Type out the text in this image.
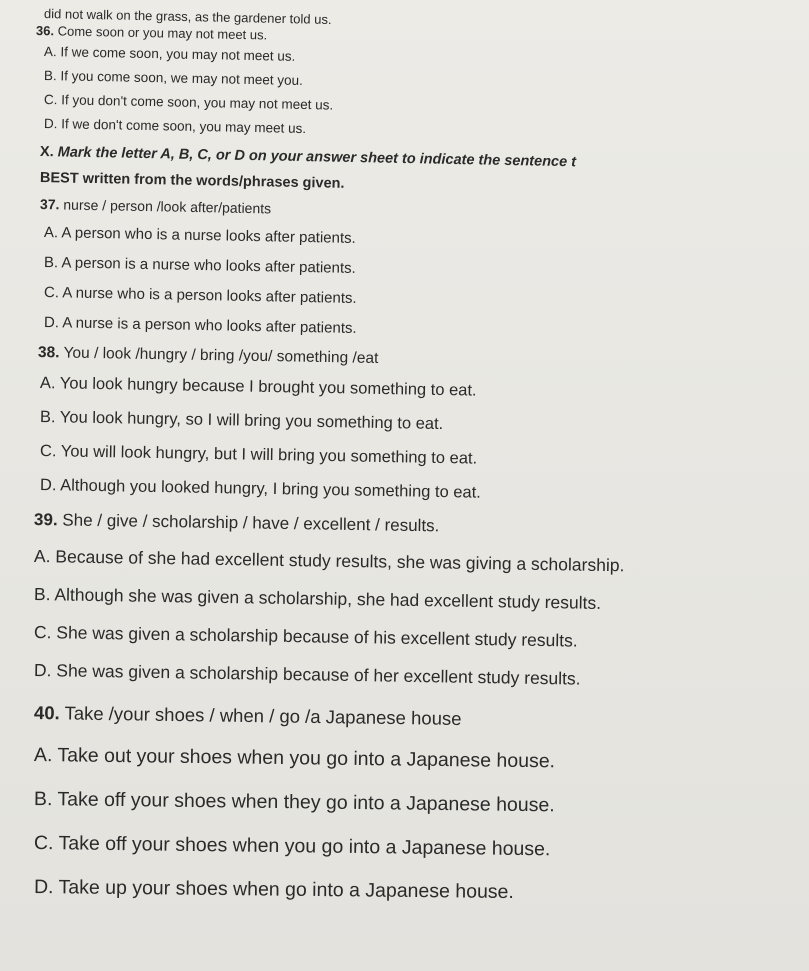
did not walk on the grass, as the gardener told us.

36. Come soon or you may not meet us.

A. If we come soon, you may not meet us.

B. If you come soon, we may not meet you.

C. If you don't come soon, you may not meet us.

D. If we don't come soon, you may meet us.

X. Mark the letter A, B, C, or D on your answer sheet to indicate the sentence t

BEST written from the words/phrases given.

37. nurse / person /look after/patients

A. A person who is a nurse looks after patients.

B. A person is a nurse who looks after patients.

C. A nurse who is a person looks after patients.

D. A nurse is a person who looks after patients.

38. You / look /hungry / bring /you/ something /eat

A. You look hungry because I brought you something to eat.

B. You look hungry, so I will bring you something to eat.

C. You will look hungry, but I will bring you something to eat.

D. Although you looked hungry, I bring you something to eat.

39. She / give / scholarship / have / excellent / results.

A. Because of she had excellent study results, she was giving a scholarship.

B. Although she was given a scholarship, she had excellent study results.

C. She was given a scholarship because of his excellent study results.

D. She was given a scholarship because of her excellent study results.

40. Take /your shoes / when / go /a Japanese house

A. Take out your shoes when you go into a Japanese house.

B. Take off your shoes when they go into a Japanese house.

C. Take off your shoes when you go into a Japanese house.

D. Take up your shoes when go into a Japanese house.
